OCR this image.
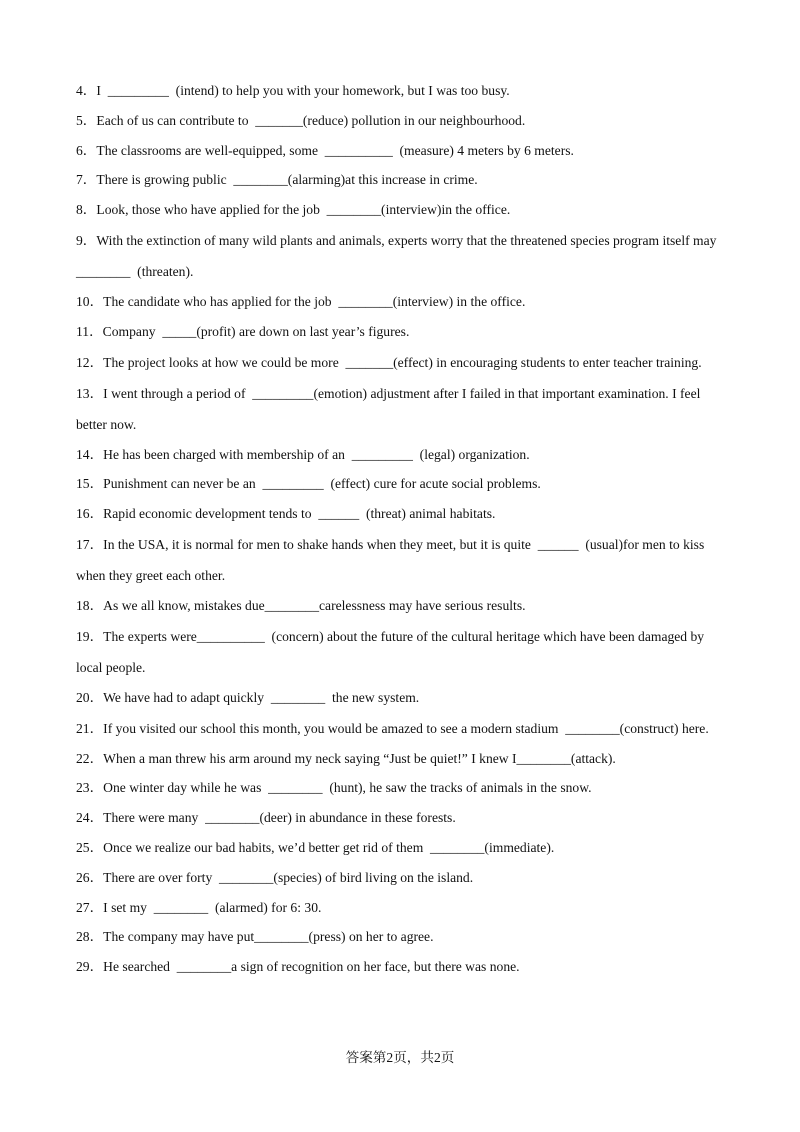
4．I  _________  (intend) to help you with your homework, but I was too busy.

5．Each of us can contribute to  _______(reduce) pollution in our neighbourhood.

6．The classrooms are well-equipped, some  __________  (measure) 4 meters by 6 meters.

7．There is growing public  ________(alarming)at this increase in crime.

8．Look, those who have applied for the job  ________(interview)in the office.

9．With the extinction of many wild plants and animals, experts worry that the threatened species program itself may  ________  (threaten).

10．The candidate who has applied for the job  ________(interview) in the office.

11．Company  _____(profit) are down on last year’s figures.

12．The project looks at how we could be more  _______(effect) in encouraging students to enter teacher training.

13．I went through a period of  _________(emotion) adjustment after I failed in that important examination. I feel better now.

14．He has been charged with membership of an  _________  (legal) organization.

15．Punishment can never be an  _________  (effect) cure for acute social problems.

16．Rapid economic development tends to  ______  (threat) animal habitats.

17．In the USA, it is normal for men to shake hands when they meet, but it is quite  ______  (usual)for men to kiss when they greet each other.

18．As we all know, mistakes due________carelessness may have serious results.

19．The experts were__________  (concern) about the future of the cultural heritage which have been damaged by local people.

20．We have had to adapt quickly  ________  the new system.

21．If you visited our school this month, you would be amazed to see a modern stadium  ________(construct) here.

22．When a man threw his arm around my neck saying “Just be quiet!” I knew I________(attack).

23．One winter day while he was  ________  (hunt), he saw the tracks of animals in the snow.

24．There were many  ________(deer) in abundance in these forests.

25．Once we realize our bad habits, we’d better get rid of them  ________(immediate).

26．There are over forty  ________(species) of bird living on the island.

27．I set my  ________  (alarmed) for 6: 30.

28．The company may have put________(press) on her to agree.

29．He searched  ________a sign of recognition on her face, but there was none.

答案第2页，共2页
